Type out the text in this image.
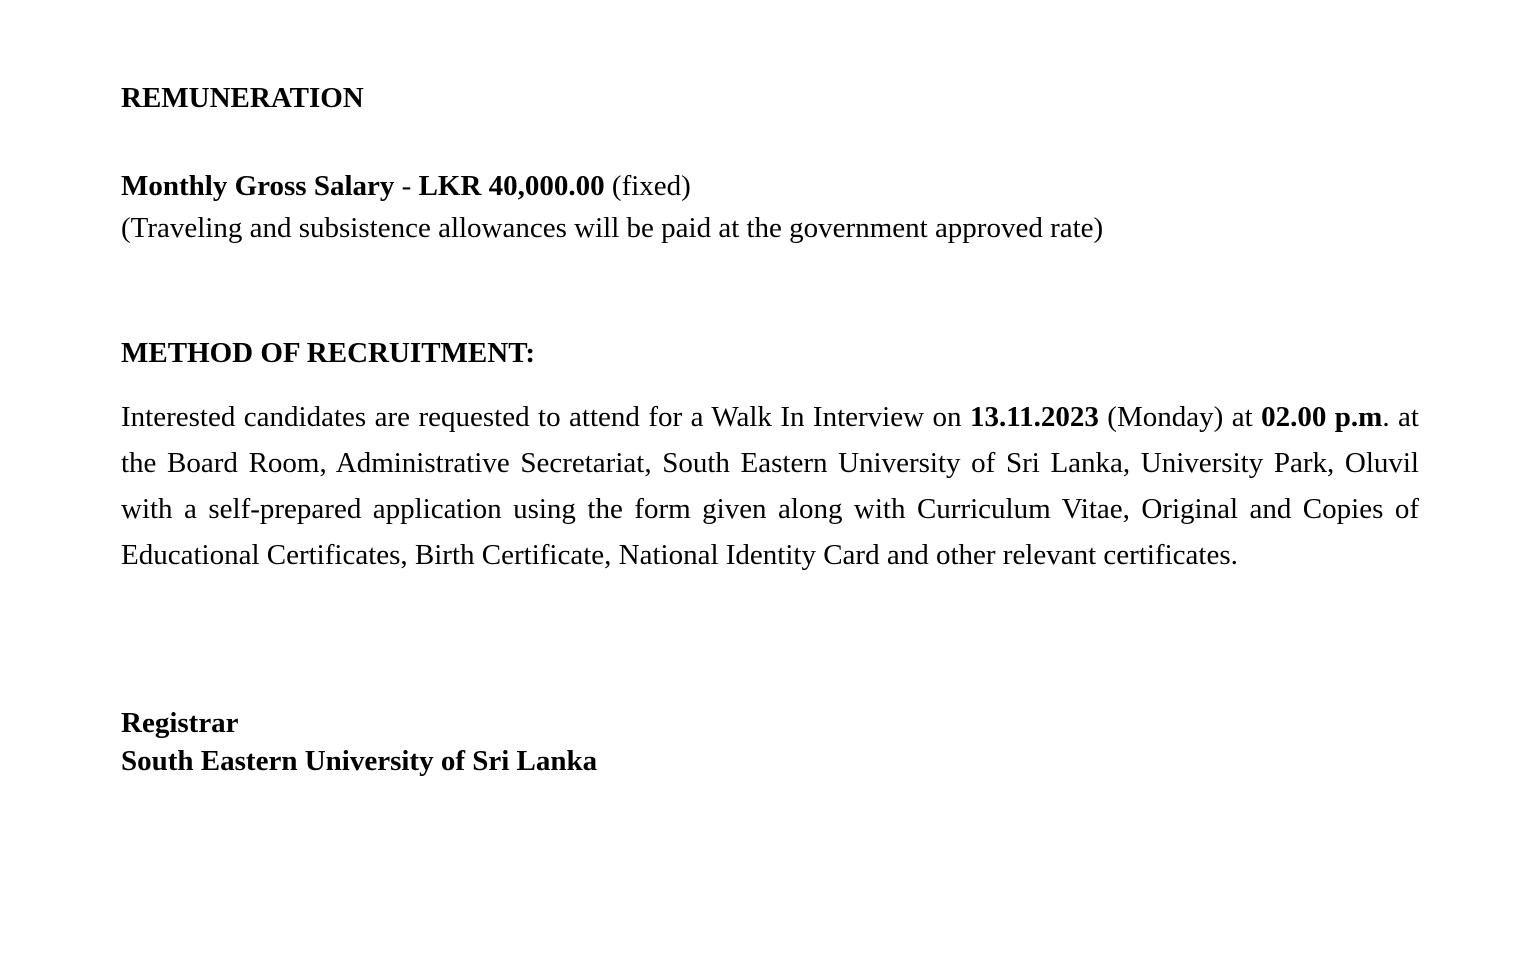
REMUNERATION
Monthly Gross Salary - LKR 40,000.00 (fixed)
(Traveling and subsistence allowances will be paid at the government approved rate)
METHOD OF RECRUITMENT:

Interested candidates are requested to attend for a Walk In Interview on 13.11.2023 (Monday) at 02.00 p.m. at the Board Room, Administrative Secretariat, South Eastern University of Sri Lanka, University Park, Oluvil with a self-prepared application using the form given along with Curriculum Vitae, Original and Copies of Educational Certificates, Birth Certificate, National Identity Card and other relevant certificates.

Registrar
South Eastern University of Sri Lanka
